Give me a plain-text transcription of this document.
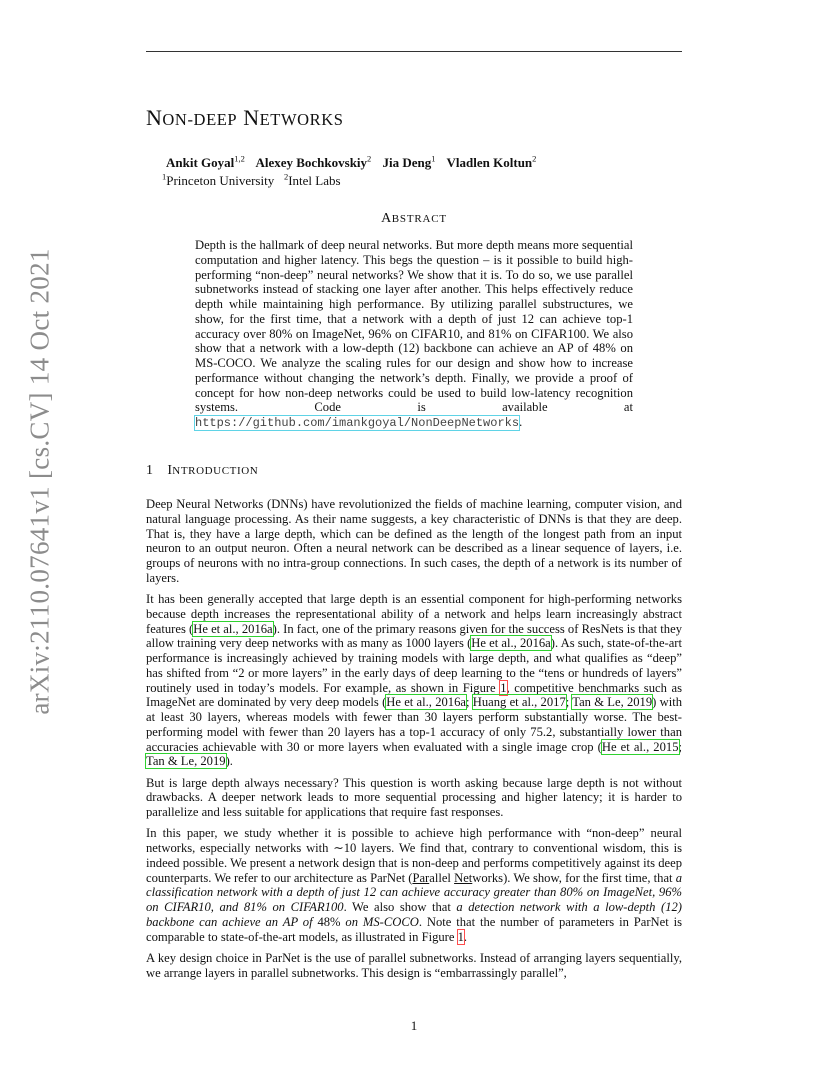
arXiv:2110.07641v1 [cs.CV] 14 Oct 2021
NON-DEEP NETWORKS
Ankit Goyal$^{1,2}$ Alexey Bochkovskiy$^2$ Jia Deng$^1$ Vladlen Koltun$^2$
$^1$Princeton University $^2$Intel Labs
ABSTRACT

Depth is the hallmark of deep neural networks. But more depth means more sequential computation and higher latency. This begs the question – is it possible to build high-performing “non-deep” neural networks? We show that it is. To do so, we use parallel subnetworks instead of stacking one layer after another. This helps effectively reduce depth while maintaining high performance. By utilizing parallel substructures, we show, for the first time, that a network with a depth of just 12 can achieve top-1 accuracy over 80% on ImageNet, 96% on CIFAR10, and 81% on CIFAR100. We also show that a network with a low-depth (12) backbone can achieve an AP of 48% on MS-COCO. We analyze the scaling rules for our design and show how to increase performance without changing the network’s depth. Finally, we provide a proof of concept for how non-deep networks could be used to build low-latency recognition systems. Code is available at https://github.com/imankgoyal/NonDeepNetworks.

1 INTRODUCTION

Deep Neural Networks (DNNs) have revolutionized the fields of machine learning, computer vision, and natural language processing. As their name suggests, a key characteristic of DNNs is that they are deep. That is, they have a large depth, which can be defined as the length of the longest path from an input neuron to an output neuron. Often a neural network can be described as a linear sequence of layers, i.e. groups of neurons with no intra-group connections. In such cases, the depth of a network is its number of layers.

It has been generally accepted that large depth is an essential component for high-performing networks because depth increases the representational ability of a network and helps learn increasingly abstract features (He et al., 2016a). In fact, one of the primary reasons given for the success of ResNets is that they allow training very deep networks with as many as 1000 layers (He et al., 2016a). As such, state-of-the-art performance is increasingly achieved by training models with large depth, and what qualifies as “deep” has shifted from “2 or more layers” in the early days of deep learning to the “tens or hundreds of layers” routinely used in today’s models. For example, as shown in Figure 1, competitive benchmarks such as ImageNet are dominated by very deep models (He et al., 2016a; Huang et al., 2017; Tan & Le, 2019) with at least 30 layers, whereas models with fewer than 30 layers perform substantially worse. The best-performing model with fewer than 20 layers has a top-1 accuracy of only 75.2, substantially lower than accuracies achievable with 30 or more layers when evaluated with a single image crop (He et al., 2015; Tan & Le, 2019).

But is large depth always necessary? This question is worth asking because large depth is not without drawbacks. A deeper network leads to more sequential processing and higher latency; it is harder to parallelize and less suitable for applications that require fast responses.

In this paper, we study whether it is possible to achieve high performance with “non-deep” neural networks, especially networks with ∼10 layers. We find that, contrary to conventional wisdom, this is indeed possible. We present a network design that is non-deep and performs competitively against its deep counterparts. We refer to our architecture as ParNet (Parallel Networks). We show, for the first time, that a classification network with a depth of just 12 can achieve accuracy greater than 80% on ImageNet, 96% on CIFAR10, and 81% on CIFAR100. We also show that a detection network with a low-depth (12) backbone can achieve an AP of 48% on MS-COCO. Note that the number of parameters in ParNet is comparable to state-of-the-art models, as illustrated in Figure 1.

A key design choice in ParNet is the use of parallel subnetworks. Instead of arranging layers sequentially, we arrange layers in parallel subnetworks. This design is “embarrassingly parallel”,

1
